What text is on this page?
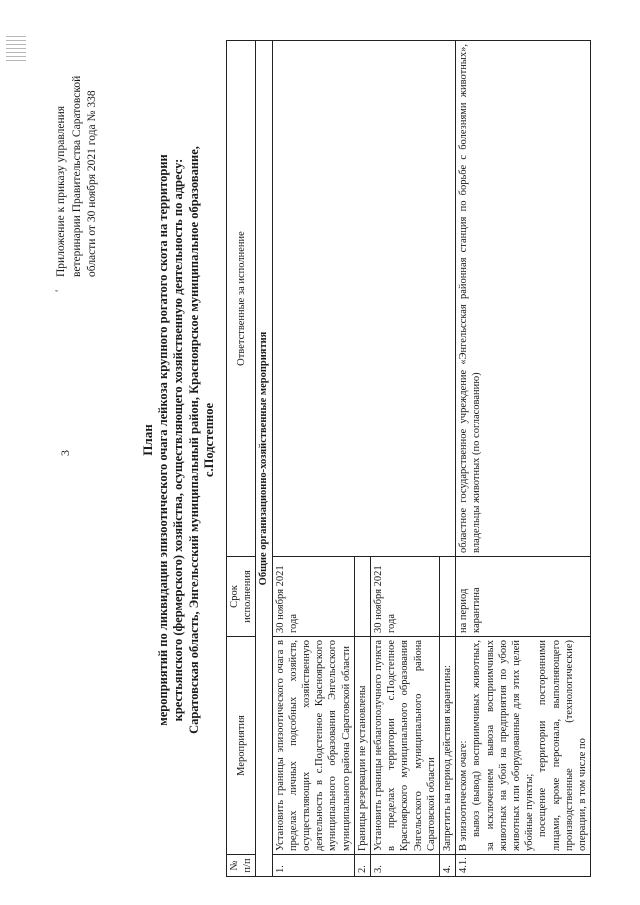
3
ᵃ
Приложение к приказу управления ветеринарии Правительства Саратовской области от 30 ноября 2021 года № 338
План мероприятий по ликвидации эпизоотического очага лейкоза крупного рогатого скота на территории крестьянского (фермерского) хозяйства, осуществляющего хозяйственную деятельность по адресу: Саратовская область, Энгельсский муниципальный район, Красноярское муниципальное образование, с.Подстепное
№ п/п	Мероприятия	Срок исполнения	Ответственные за исполнение
Общие организационно-хозяйственные мероприятия			
1.	Установить границы эпизоотического очага в пределах личных подсобных хозяйств, осуществляющих хозяйственную деятельность в с.Подстепное Красноярского муниципального образования Энгельсского муниципального района Саратовской области	30 ноября 2021 года	
2.	Границы резервации не установлены		
3.	Установить границы неблагополучного пункта в пределах территории с.Подстепное Красноярского муниципального образования Энгельсского муниципального района Саратовской области	30 ноября 2021 года	
4.	Запретить на период действия карантина:		
4.1.	В эпизоотическом очаге: вывоз (вывод) восприимчивых животных, за исключением вывоза восприимчивых животных на убой на предприятия по убою животных или оборудованные для этих целей убойные пункты; посещение территории посторонними лицами, кроме персонала, выполняющего производственные (технологические) операции, в том числе по	на период карантина	областное государственное учреждение «Энгельсская районная станция по борьбе с болезнями животных», владельцы животных (по согласованию)
